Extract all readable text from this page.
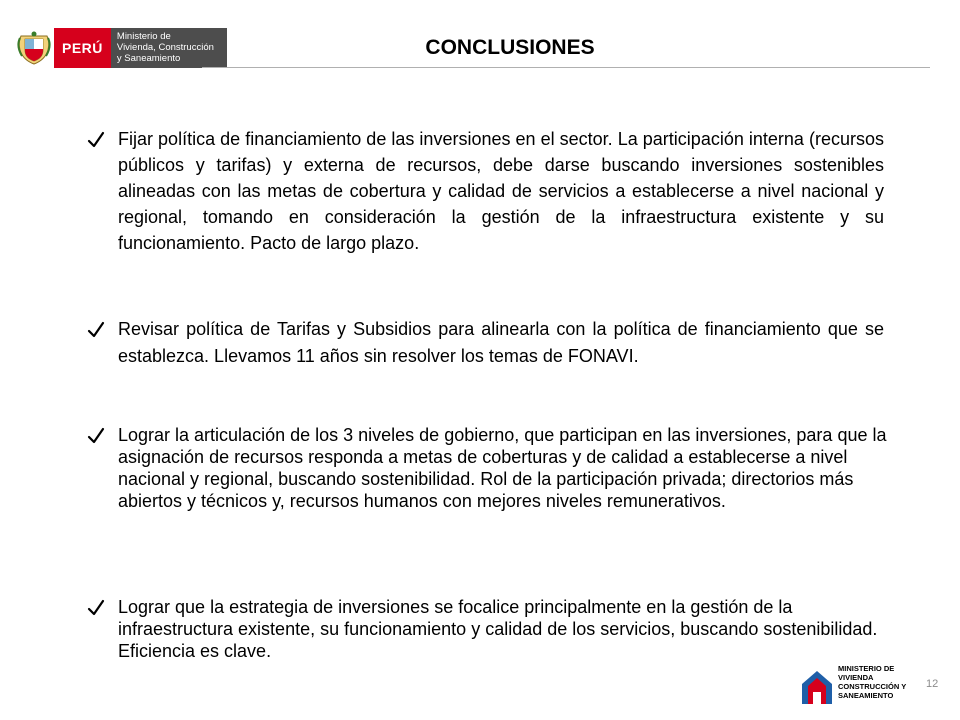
PERÚ
Ministerio de
Vivienda, Construcción
y Saneamiento	CONCLUSIONES
Fijar política de financiamiento de las inversiones en el sector. La participación interna (recursos públicos y tarifas) y externa de recursos, debe darse buscando inversiones sostenibles alineadas con las metas de cobertura y calidad de servicios a establecerse a nivel nacional y regional, tomando en consideración la gestión de la infraestructura existente y su funcionamiento. Pacto de largo plazo.
Revisar política de Tarifas y Subsidios para alinearla con la política de financiamiento que se establezca. Llevamos 11 años sin resolver los temas de FONAVI.
Lograr la articulación de los 3 niveles de gobierno, que participan en las inversiones, para que la asignación de recursos responda a metas de coberturas y de calidad a establecerse a nivel nacional y regional, buscando sostenibilidad. Rol de la participación privada; directorios más abiertos y técnicos y, recursos humanos con mejores niveles remunerativos.
Lograr que la estrategia de inversiones se focalice principalmente en la gestión de la infraestructura existente, su funcionamiento y calidad de los servicios, buscando sostenibilidad. Eficiencia es clave.
12
MINISTERIO DE
VIVIENDA
CONSTRUCCIÓN Y
SANEAMIENTO
